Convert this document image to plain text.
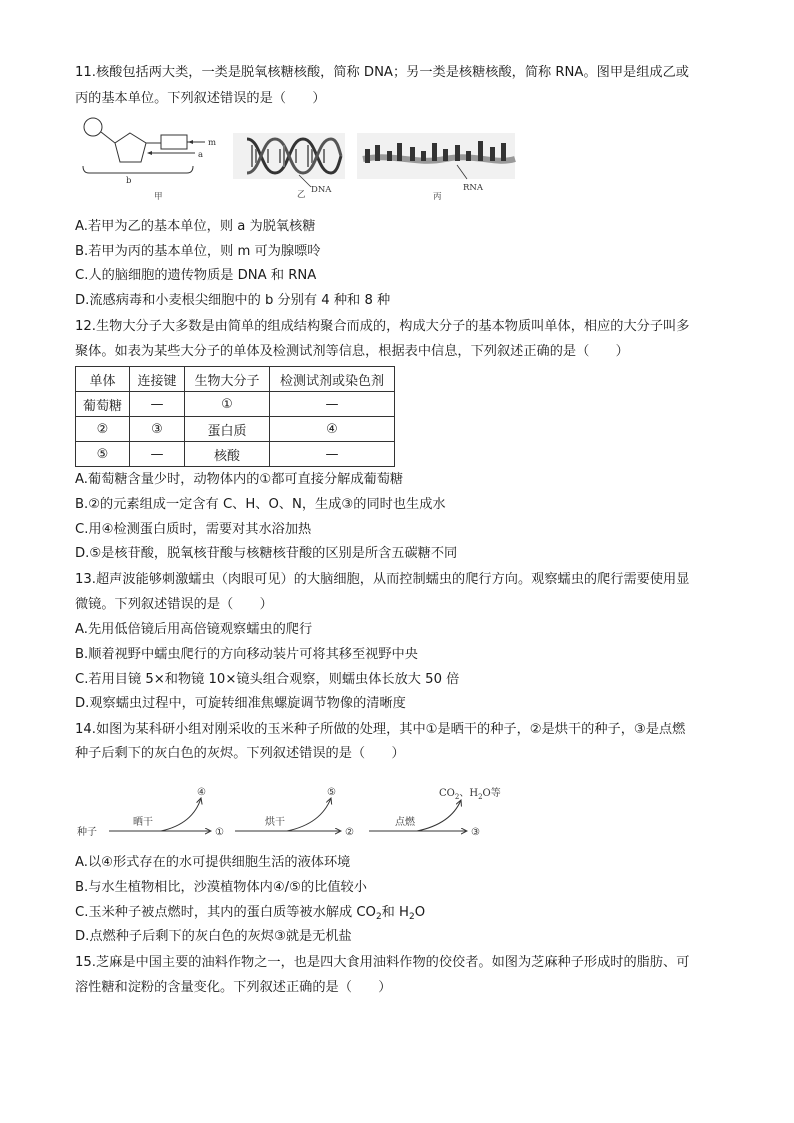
11.核酸包括两大类，一类是脱氧核糖核酸，简称 DNA；另一类是核糖核酸，简称 RNA。图甲是组成乙或
丙的基本单位。下列叙述错误的是（　　）
m
a
b
甲	乙 DNA
丙
RNA
A.若甲为乙的基本单位，则 a 为脱氧核糖
B.若甲为丙的基本单位，则 m 可为腺嘌呤
C.人的脑细胞的遗传物质是 DNA 和 RNA
D.流感病毒和小麦根尖细胞中的 b 分别有 4 种和 8 种
12.生物大分子大多数是由简单的组成结构聚合而成的，构成大分子的基本物质叫单体，相应的大分子叫多
聚体。如表为某些大分子的单体及检测试剂等信息，根据表中信息，下列叙述正确的是（　　）
单体	连接键	生物大分子	检测试剂或染色剂
葡萄糖	—	①	—
②	③	蛋白质	④
⑤	—	核酸	—
A.葡萄糖含量少时，动物体内的①都可直接分解成葡萄糖
B.②的元素组成一定含有 C、H、O、N，生成③的同时也生成水
C.用④检测蛋白质时，需要对其水浴加热
D.⑤是核苷酸，脱氧核苷酸与核糖核苷酸的区别是所含五碳糖不同
13.超声波能够刺激蠕虫（肉眼可见）的大脑细胞，从而控制蠕虫的爬行方向。观察蠕虫的爬行需要使用显
微镜。下列叙述错误的是（　　）
A.先用低倍镜后用高倍镜观察蠕虫的爬行
B.顺着视野中蠕虫爬行的方向移动装片可将其移至视野中央
C.若用目镜 5×和物镜 10×镜头组合观察，则蠕虫体长放大 50 倍
D.观察蠕虫过程中，可旋转细准焦螺旋调节物像的清晰度
14.如图为某科研小组对刚采收的玉米种子所做的处理，其中①是晒干的种子，②是烘干的种子，③是点燃
种子后剩下的灰白色的灰烬。下列叙述错误的是（　　）
种子
晒干
①
④
烘干
②
⑤
点燃
③
$CO_2$、$H_2O$等
A.以④形式存在的水可提供细胞生活的液体环境
B.与水生植物相比，沙漠植物体内④/⑤的比值较小
C.玉米种子被点燃时，其内的蛋白质等被水解成 $CO_2$和 $H_2O$
D.点燃种子后剩下的灰白色的灰烬③就是无机盐
15.芝麻是中国主要的油料作物之一，也是四大食用油料作物的佼佼者。如图为芝麻种子形成时的脂肪、可
溶性糖和淀粉的含量变化。下列叙述正确的是（　　）
